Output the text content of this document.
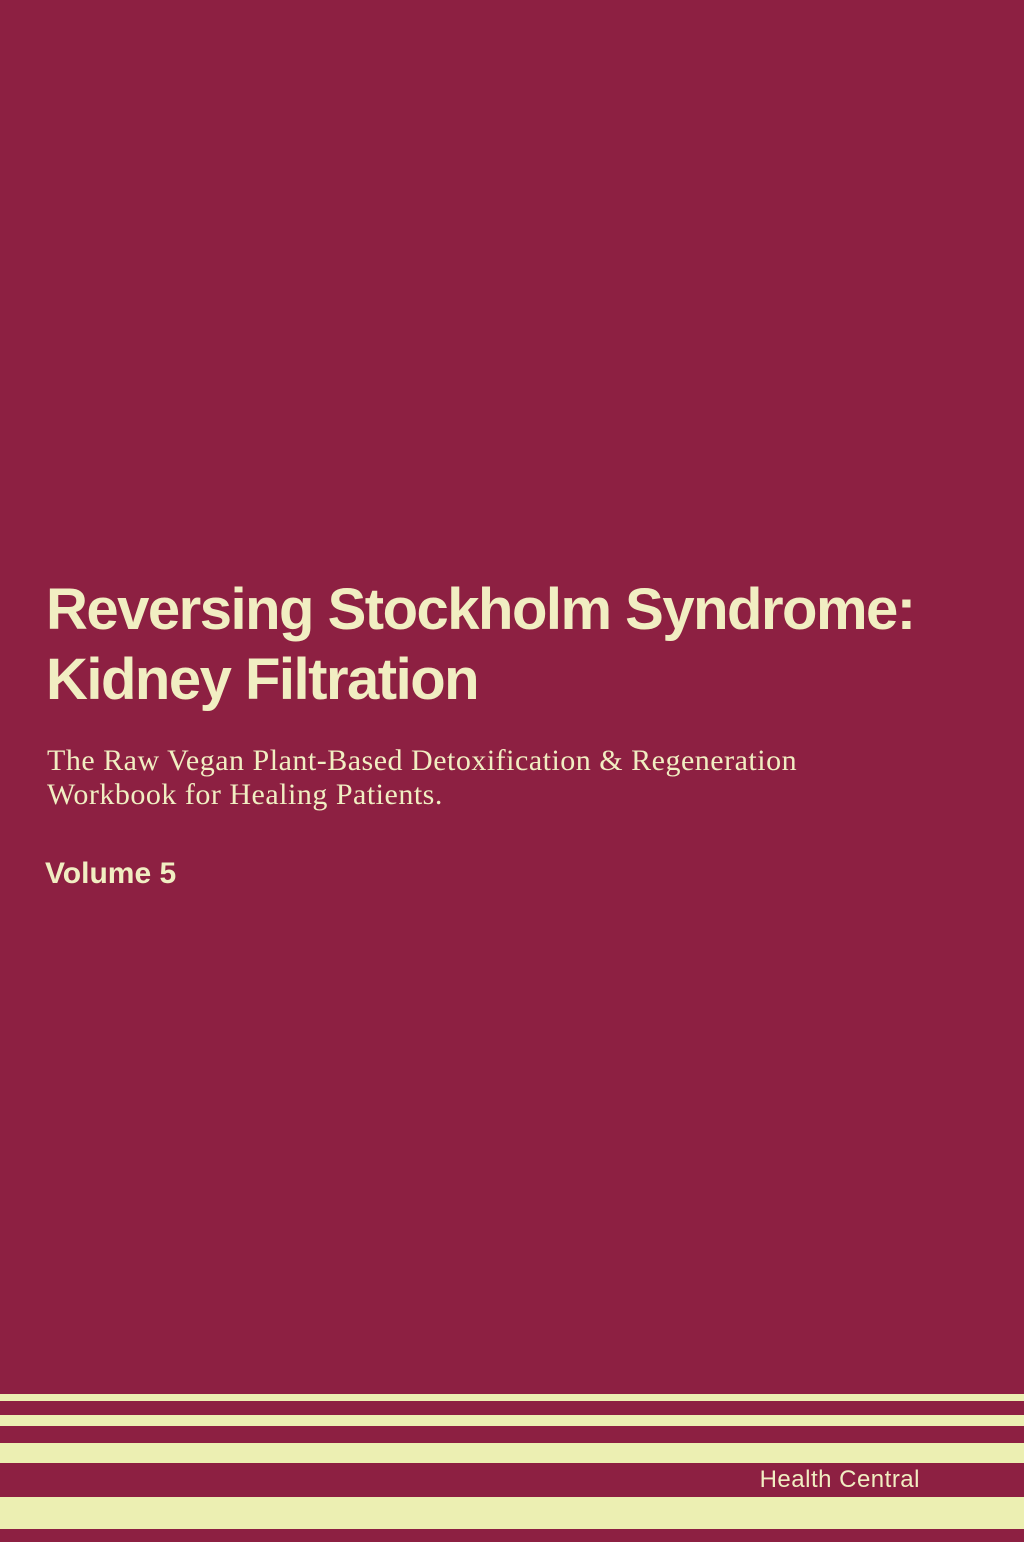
Reversing Stockholm Syndrome:
Kidney Filtration

The Raw Vegan Plant-Based Detoxification & Regeneration
Workbook for Healing Patients.

Volume 5

Health Central
